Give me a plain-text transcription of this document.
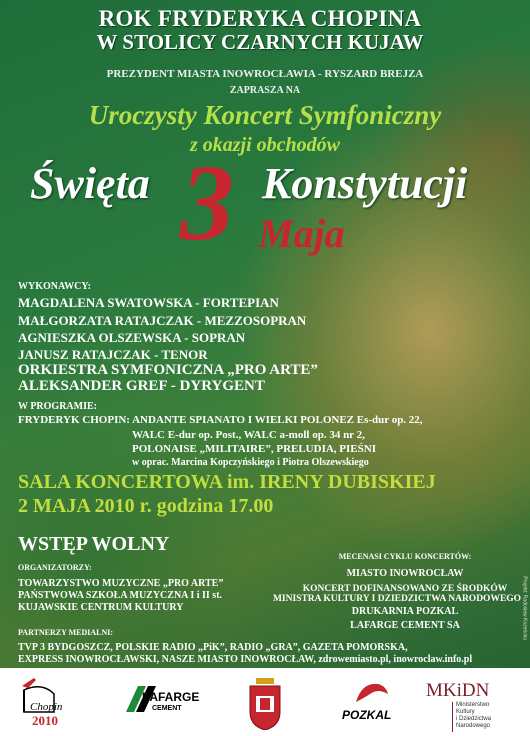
ROK FRYDERYKA CHOPINA

W STOLICY CZARNYCH KUJAW

PREZYDENT MIASTA INOWROCŁAWIA - RYSZARD BREJZA

ZAPRASZA NA

Uroczysty Koncert Symfoniczny

z okazji obchodów

3

Święta	Konstytucji

Maja

WYKONAWCY:

MAGDALENA SWATOWSKA - FORTEPIAN

MAŁGORZATA RATAJCZAK - MEZZOSOPRAN

AGNIESZKA OLSZEWSKA - SOPRAN

JANUSZ RATAJCZAK - TENOR

ORKIESTRA SYMFONICZNA „PRO ARTE”

ALEKSANDER GREF - DYRYGENT

W PROGRAMIE:

FRYDERYK CHOPIN: ANDANTE SPIANATO I WIELKI POLONEZ Es-dur op. 22,

WALC E-dur op. Post., WALC a-moll op. 34 nr 2,

POLONAISE „MILITAIRE”, PRELUDIA, PIEŚNI

w oprac. Marcina Kopczyńskiego i Piotra Olszewskiego

SALA KONCERTOWA im. IRENY DUBISKIEJ

2 MAJA 2010 r. godzina 17.00

WSTĘP WOLNY

ORGANIZATORZY:

TOWARZYSTWO MUZYCZNE „PRO ARTE”

PAŃSTWOWA SZKOŁA MUZYCZNA I i II st.

KUJAWSKIE CENTRUM KULTURY

MECENASI CYKLU KONCERTÓW:

MIASTO INOWROCŁAW

KONCERT DOFINANSOWANO ZE ŚRODKÓW

MINISTRA KULTURY I DZIEDZICTWA NARODOWEGO

DRUKARNIA POZKAL

LAFARGE CEMENT SA

PARTNERZY MEDIALNI:

TVP 3 BYDGOSZCZ, POLSKIE RADIO „PiK”, RADIO „GRA”, GAZETA POMORSKA,

EXPRESS INOWROCŁAWSKI, NASZE MIASTO INOWROCŁAW, zdrowemiasto.pl, inowroclaw.info.pl

Chopin
2010
LAFARGE
CEMENT	POZKAL
MKiDN
Ministerstwo
Kultury
i Dziedzictwa
Narodowego
Projekt: Radosław Kozeńcko
